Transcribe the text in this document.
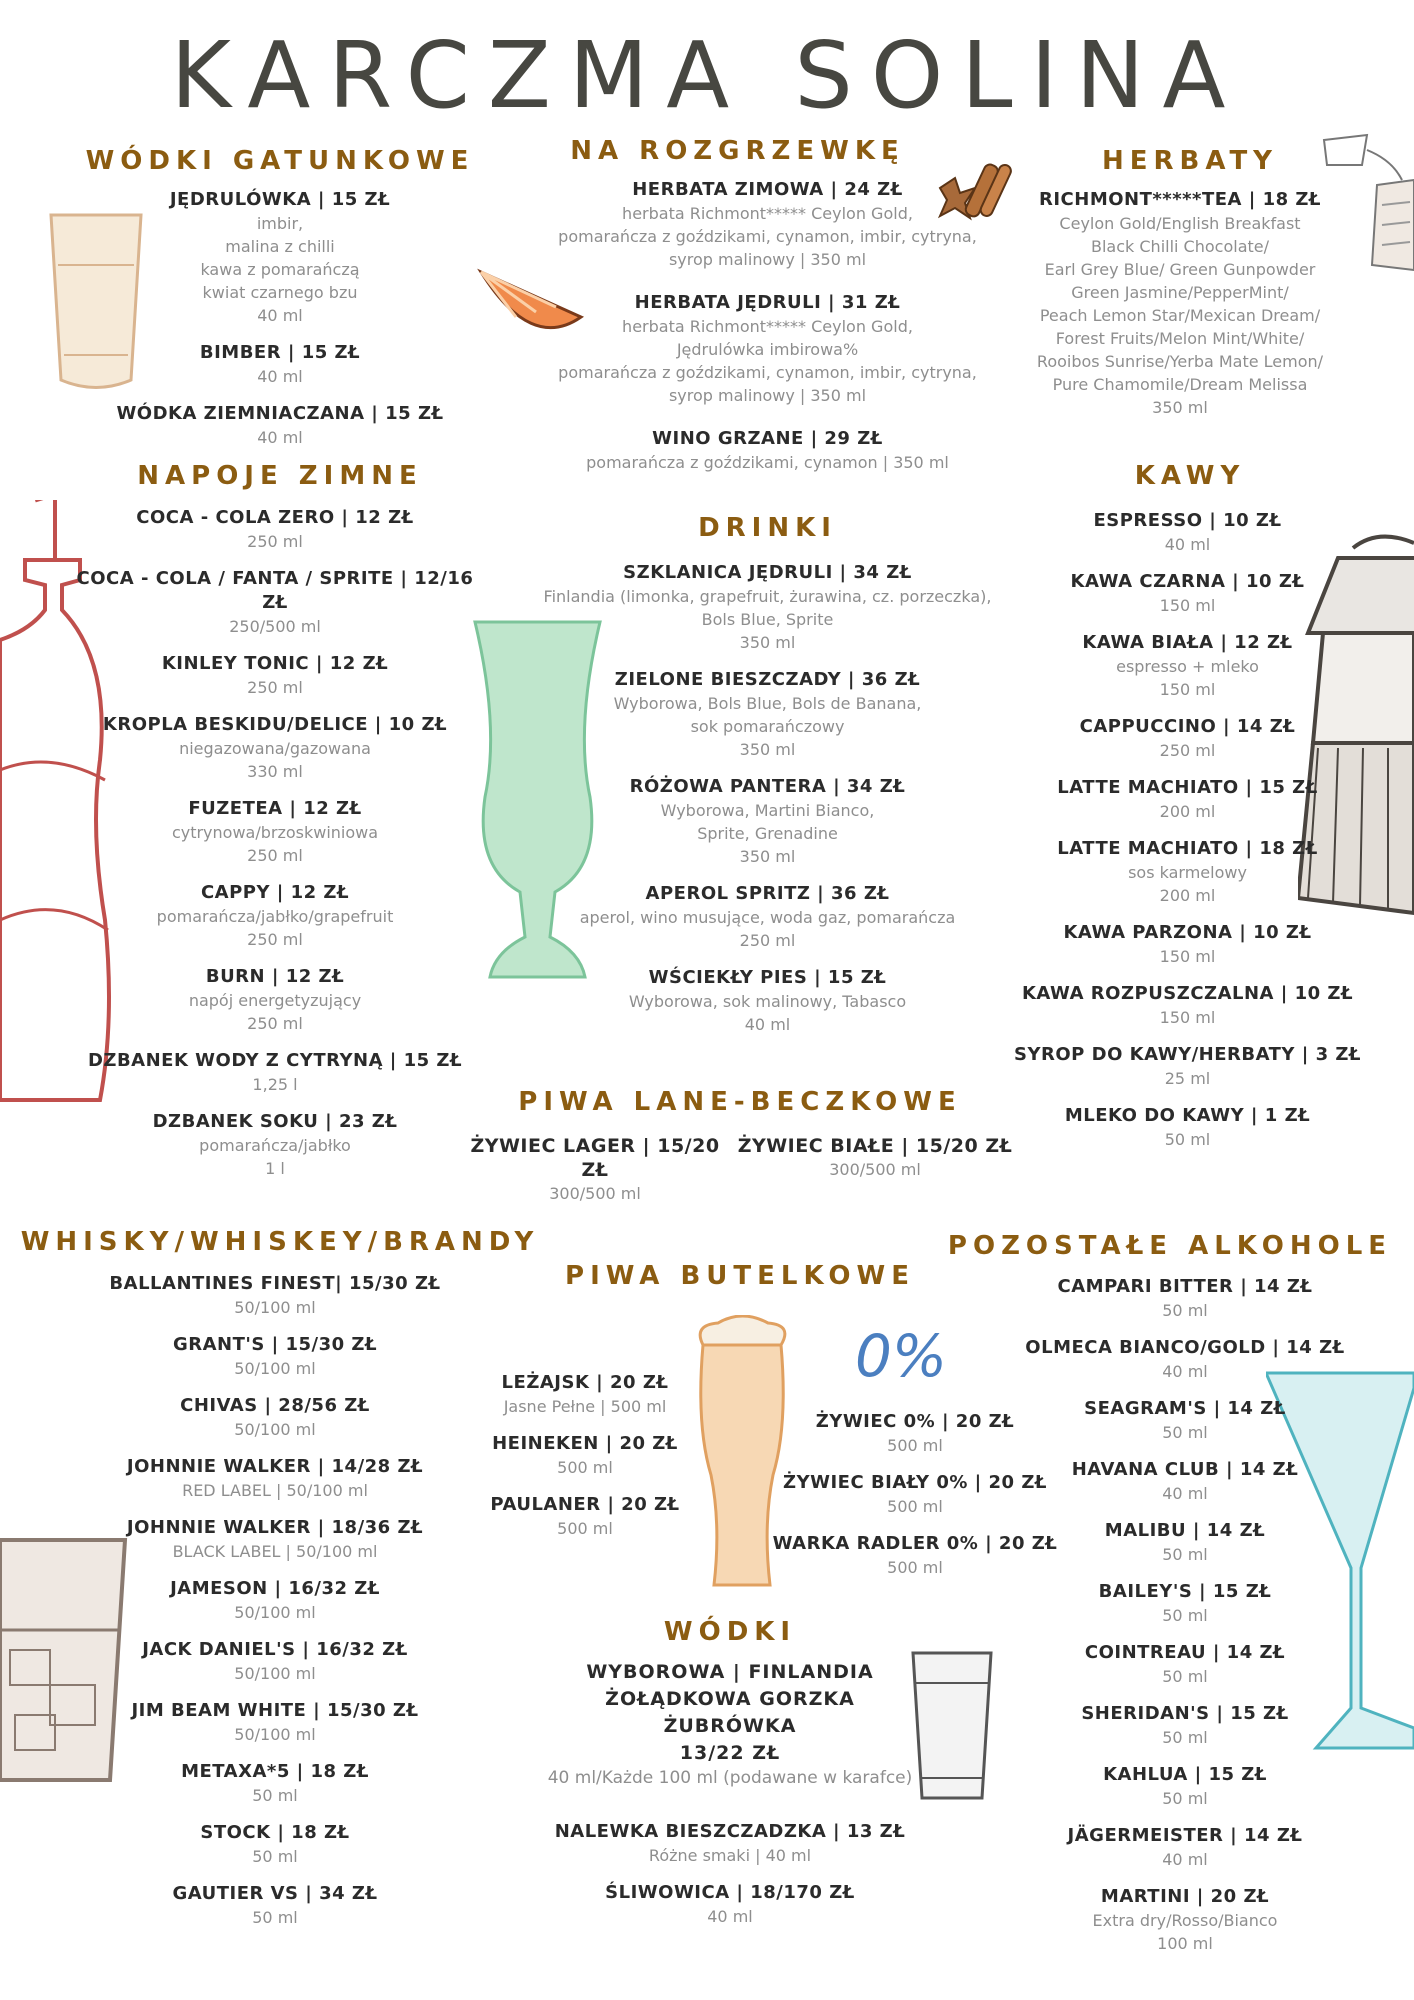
0%
KARCZMA SOLINA
WÓDKI GATUNKOWE
JĘDRULÓWKA | 15 ZŁ
imbir,
malina z chilli
kawa z pomarańczą
kwiat czarnego bzu
40 ml
BIMBER | 15 ZŁ
40 ml
WÓDKA ZIEMNIACZANA | 15 ZŁ
40 ml
NA ROZGRZEWKĘ
HERBATA ZIMOWA | 24 ZŁ
herbata Richmont***** Ceylon Gold,
pomarańcza z goździkami, cynamon, imbir, cytryna,
syrop malinowy | 350 ml
HERBATA JĘDRULI | 31 ZŁ
herbata Richmont***** Ceylon Gold,
Jędrulówka imbirowa%
pomarańcza z goździkami, cynamon, imbir, cytryna,
syrop malinowy | 350 ml
WINO GRZANE | 29 ZŁ
pomarańcza z goździkami, cynamon | 350 ml
HERBATY
RICHMONT*****TEA | 18 ZŁ
Ceylon Gold/English Breakfast
Black Chilli Chocolate/
Earl Grey Blue/ Green Gunpowder
Green Jasmine/PepperMint/
Peach Lemon Star/Mexican Dream/
Forest Fruits/Melon Mint/White/
Rooibos Sunrise/Yerba Mate Lemon/
Pure Chamomile/Dream Melissa
350 ml
NAPOJE ZIMNE
COCA - COLA ZERO | 12 ZŁ
250 ml
COCA - COLA / FANTA / SPRITE | 12/16 ZŁ
250/500 ml
KINLEY TONIC | 12 ZŁ
250 ml
KROPLA BESKIDU/DELICE | 10 ZŁ
niegazowana/gazowana
330 ml
FUZETEA | 12 ZŁ
cytrynowa/brzoskwiniowa
250 ml
CAPPY | 12 ZŁ
pomarańcza/jabłko/grapefruit
250 ml
BURN | 12 ZŁ
napój energetyzujący
250 ml
DZBANEK WODY Z CYTRYNĄ | 15 ZŁ
1,25 l
DZBANEK SOKU | 23 ZŁ
pomarańcza/jabłko
1 l
DRINKI
SZKLANICA JĘDRULI | 34 ZŁ
Finlandia (limonka, grapefruit, żurawina, cz. porzeczka),
Bols Blue, Sprite
350 ml
ZIELONE BIESZCZADY | 36 ZŁ
Wyborowa, Bols Blue, Bols de Banana,
sok pomarańczowy
350 ml
RÓŻOWA PANTERA | 34 ZŁ
Wyborowa, Martini Bianco,
Sprite, Grenadine
350 ml
APEROL SPRITZ | 36 ZŁ
aperol, wino musujące, woda gaz, pomarańcza
250 ml
WŚCIEKŁY PIES | 15 ZŁ
Wyborowa, sok malinowy, Tabasco
40 ml
KAWY
ESPRESSO | 10 ZŁ
40 ml
KAWA CZARNA | 10 ZŁ
150 ml
KAWA BIAŁA | 12 ZŁ
espresso + mleko
150 ml
CAPPUCCINO | 14 ZŁ
250 ml
LATTE MACHIATO | 15 ZŁ
200 ml
LATTE MACHIATO | 18 ZŁ
sos karmelowy
200 ml
KAWA PARZONA | 10 ZŁ
150 ml
KAWA ROZPUSZCZALNA | 10 ZŁ
150 ml
SYROP DO KAWY/HERBATY | 3 ZŁ
25 ml
MLEKO DO KAWY | 1 ZŁ
50 ml
PIWA LANE-BECZKOWE
ŻYWIEC LAGER | 15/20 ZŁ
300/500 ml
ŻYWIEC BIAŁE | 15/20 ZŁ
300/500 ml
WHISKY/WHISKEY/BRANDY
BALLANTINES FINEST| 15/30 ZŁ
50/100 ml
GRANT'S | 15/30 ZŁ
50/100 ml
CHIVAS | 28/56 ZŁ
50/100 ml
JOHNNIE WALKER | 14/28 ZŁ
RED LABEL | 50/100 ml
JOHNNIE WALKER | 18/36 ZŁ
BLACK LABEL | 50/100 ml
JAMESON | 16/32 ZŁ
50/100 ml
JACK DANIEL'S | 16/32 ZŁ
50/100 ml
JIM BEAM WHITE | 15/30 ZŁ
50/100 ml
METAXA*5 | 18 ZŁ
50 ml
STOCK | 18 ZŁ
50 ml
GAUTIER VS | 34 ZŁ
50 ml
PIWA BUTELKOWE
LEŻAJSK | 20 ZŁ
Jasne Pełne | 500 ml
HEINEKEN | 20 ZŁ
500 ml
PAULANER | 20 ZŁ
500 ml
ŻYWIEC 0% | 20 ZŁ
500 ml
ŻYWIEC BIAŁY 0% | 20 ZŁ
500 ml
WARKA RADLER 0% | 20 ZŁ
500 ml
WÓDKI
WYBOROWA | FINLANDIA
ŻOŁĄDKOWA GORZKA
ŻUBRÓWKA
13/22 ZŁ
40 ml/Każde 100 ml (podawane w karafce)
NALEWKA BIESZCZADZKA | 13 ZŁ
Różne smaki | 40 ml
ŚLIWOWICA | 18/170 ZŁ
40 ml
POZOSTAŁE ALKOHOLE
CAMPARI BITTER | 14 ZŁ
50 ml
OLMECA BIANCO/GOLD | 14 ZŁ
40 ml
SEAGRAM'S | 14 ZŁ
50 ml
HAVANA CLUB | 14 ZŁ
40 ml
MALIBU | 14 ZŁ
50 ml
BAILEY'S | 15 ZŁ
50 ml
COINTREAU | 14 ZŁ
50 ml
SHERIDAN'S | 15 ZŁ
50 ml
KAHLUA | 15 ZŁ
50 ml
JÄGERMEISTER | 14 ZŁ
40 ml
MARTINI | 20 ZŁ
Extra dry/Rosso/Bianco
100 ml
